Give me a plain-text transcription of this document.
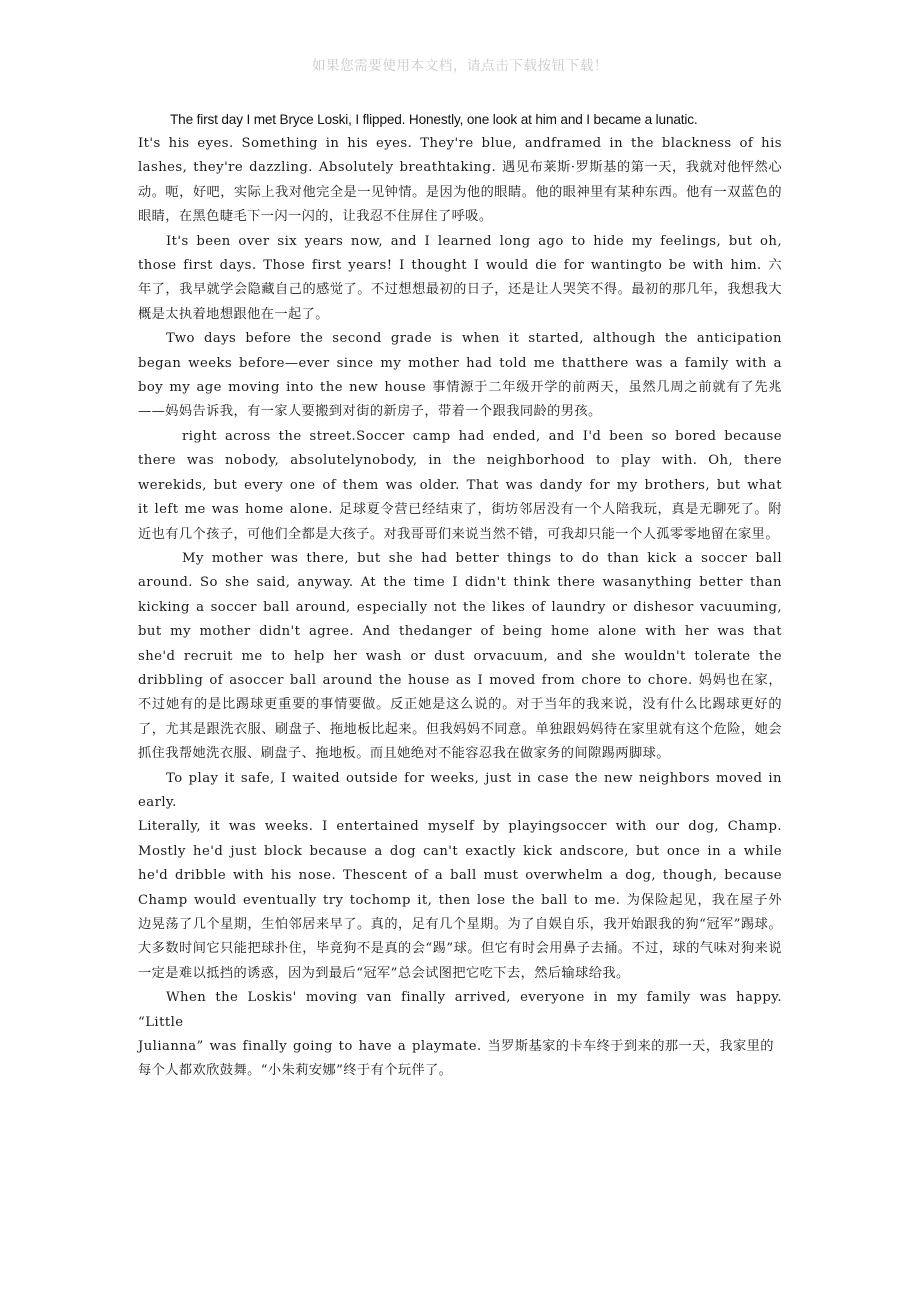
如果您需要使用本文档，请点击下载按钮下载！

The first day I met Bryce Loski, I flipped. Honestly, one look at him and I became a lunatic.
It's his eyes. Something in his eyes. They're blue, andframed in the blackness of his lashes, they're dazzling. Absolutely breathtaking. 遇见布莱斯·罗斯基的第一天，我就对他怦然心动。呃，好吧，实际上我对他完全是一见钟情。是因为他的眼睛。他的眼神里有某种东西。他有一双蓝色的眼睛，在黑色睫毛下一闪一闪的，让我忍不住屏住了呼吸。

It's been over six years now, and I learned long ago to hide my feelings, but oh, those first days. Those first years! I thought I would die for wantingto be with him. 六年了，我早就学会隐藏自己的感觉了。不过想想最初的日子，还是让人哭笑不得。最初的那几年，我想我大概是太执着地想跟他在一起了。

Two days before the second grade is when it started, although the anticipation began weeks before—ever since my mother had told me thatthere was a family with a boy my age moving into the new house 事情源于二年级开学的前两天，虽然几周之前就有了先兆——妈妈告诉我，有一家人要搬到对街的新房子，带着一个跟我同龄的男孩。

right across the street.Soccer camp had ended, and I'd been so bored because there was nobody, absolutelynobody, in the neighborhood to play with. Oh, there werekids, but every one of them was older. That was dandy for my brothers, but what it left me was home alone. 足球夏令营已经结束了，街坊邻居没有一个人陪我玩，真是无聊死了。附近也有几个孩子，可他们全都是大孩子。对我哥哥们来说当然不错，可我却只能一个人孤零零地留在家里。

My mother was there, but she had better things to do than kick a soccer ball around. So she said, anyway. At the time I didn't think there wasanything better than kicking a soccer ball around, especially not the likes of laundry or dishesor vacuuming, but my mother didn't agree. And thedanger of being home alone with her was that she'd recruit me to help her wash or dust orvacuum, and she wouldn't tolerate the dribbling of asoccer ball around the house as I moved from chore to chore. 妈妈也在家，不过她有的是比踢球更重要的事情要做。反正她是这么说的。对于当年的我来说，没有什么比踢球更好的了，尤其是跟洗衣服、刷盘子、拖地板比起来。但我妈妈不同意。单独跟妈妈待在家里就有这个危险，她会抓住我帮她洗衣服、刷盘子、拖地板。而且她绝对不能容忍我在做家务的间隙踢两脚球。

To play it safe, I waited outside for weeks, just in case the new neighbors moved in early.

Literally, it was weeks. I entertained myself by playingsoccer with our dog, Champ. Mostly he'd just block because a dog can't exactly kick andscore, but once in a while he'd dribble with his nose. Thescent of a ball must overwhelm a dog, though, because Champ would eventually try tochomp it, then lose the ball to me. 为保险起见，我在屋子外边晃荡了几个星期，生怕邻居来早了。真的，足有几个星期。为了自娱自乐，我开始跟我的狗“冠军”踢球。大多数时间它只能把球扑住，毕竟狗不是真的会“踢”球。但它有时会用鼻子去捅。不过，球的气味对狗来说一定是难以抵挡的诱惑，因为到最后“冠军”总会试图把它吃下去，然后输球给我。

When the Loskis' moving van finally arrived, everyone in my family was happy. “Little

Julianna” was finally going to have a playmate. 当罗斯基家的卡车终于到来的那一天，我家里的每个人都欢欣鼓舞。“小朱莉安娜”终于有个玩伴了。
